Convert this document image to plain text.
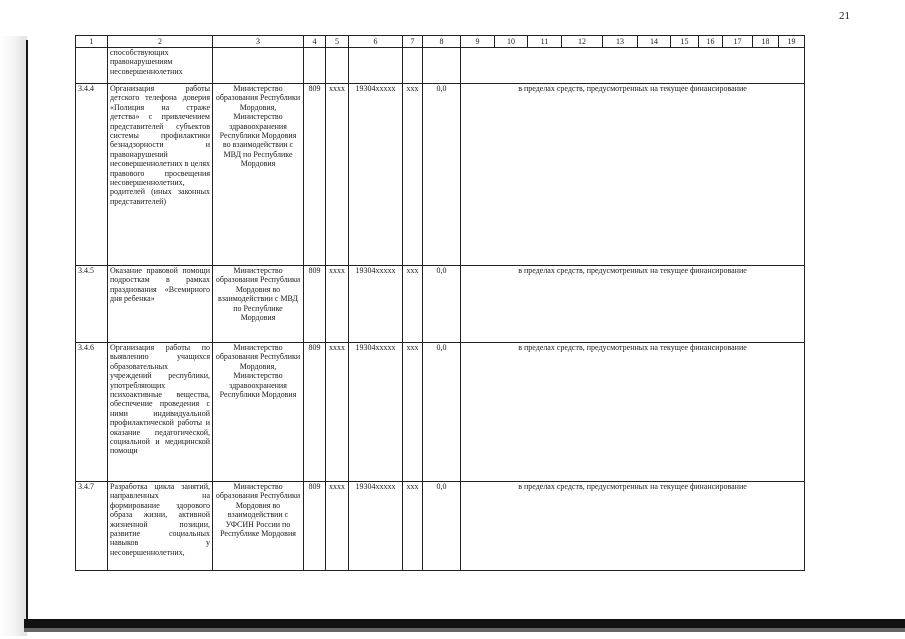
21
1	2	3	4	5	6	7	8	9	10	11	12	13	14	15	16	17	18	19
	способствующих правонарушениям несовершеннолетних																	
3.4.4	Организация работы детского телефона доверия «Полиция на страже детства» с привлечением представителей субъектов системы профилактики безнадзорности и правонарушений несовершеннолетних в целях правового просвещения несовершеннолетних, родителей (иных законных представителей)	Министерство образования Республики Мордовия, Министерство здравоохранения Республики Мордовия во взаимодействии с МВД по Республике Мордовия	809	xxxx	19304xxxxx	xxx	0,0	в пределах средств, предусмотренных на текущее финансирование										
3.4.5	Оказание правовой помощи подросткам в рамках празднования «Всемирного дня ребенка»	Министерство образования Республики Мордовия во взаимодействии с МВД по Республике Мордовия	809	xxxx	19304xxxxx	xxx	0,0	в пределах средств, предусмотренных на текущее финансирование										
3.4.6	Организация работы по выявлению учащихся образовательных учреждений республики, употребляющих психоактивные вещества, обеспечение проведения с ними индивидуальной профилактической работы и оказание педагогической, социальной и медицинской помощи	Министерство образования Республики Мордовия, Министерство здравоохранения Республики Мордовия	809	xxxx	19304xxxxx	xxx	0,0	в пределах средств, предусмотренных на текущее финансирование										
3.4.7	Разработка цикла занятий, направленных на формирование здорового образа жизни, активной жизненной позиции, развитие социальных навыков у несовершеннолетних,	Министерство образования Республики Мордовия во взаимодействии с УФСИН России по Республике Мордовия	809	xxxx	19304xxxxx	xxx	0,0	в пределах средств, предусмотренных на текущее финансирование										
